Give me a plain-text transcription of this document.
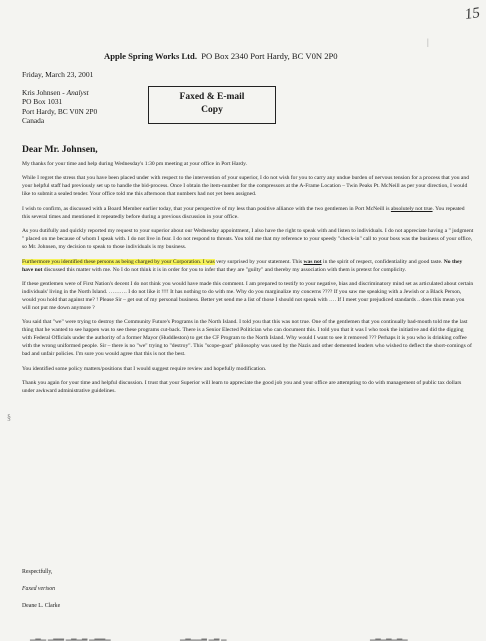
15
|
§
Apple Spring Works Ltd. PO Box 2340 Port Hardy, BC V0N 2P0
Friday, March 23, 2001
Kris Johnsen - Analyst
PO Box 1031
Port Hardy, BC V0N 2P0
Canada
Faxed & E-mail
Copy
Dear Mr. Johnsen,

My thanks for your time and help during Wednesday's 1:30 pm meeting at your office in Port Hardy.

While I regret the stress that you have been placed under with respect to the intervention of your superior, I do not wish for you to carry any undue burden of nervous tension for a process that you and your helpful staff had previously set up to handle the bid-process. Once I obtain the item-number for the compressors at the A-Frame Location – Twin Peaks Pt. McNeill as per your direction, I would like to submit a sealed tender. Your office told me this afternoon that numbers had not yet been assigned.

I wish to confirm, as discussed with a Board Member earlier today, that your perspective of my less than positive alliance with the two gentlemen in Port McNeill is absolutely not true. You repeated this several times and mentioned it repeatedly before during a previous discussion in your office.

As you dutifully and quickly reported my request to your superior about our Wednesday appointment, I also have the right to speak with and listen to individuals. I do not appreciate having a " judgment " placed on me because of whom I speak with. I do not live in fear. I do not respond to threats. You told me that my reference to your speedy "check-in" call to your boss was the business of your office, so Mr. Johnsen, my decision to speak to those individuals is my business.

Furthermore you identified these persons as being charged by your Corporation. I was very surprised by your statement. This was not in the spirit of respect, confidentiality and good taste. No they have not discussed this matter with me. No I do not think it is in order for you to infer that they are "guilty" and thereby my association with them is pretext for complicity.

If these gentlemen were of First Nation's decent I do not think you would have made this comment. I am prepared to testify to your negative, bias and discriminatory mind set as articulated about certain individuals' living in the North Island. ………. I do not like it !!!! It has nothing to do with me. Why do you marginalize my concerns ???? If you saw me speaking with a Jewish or a Black Person, would you hold that against me? ! Please Sir – get out of my personal business. Better yet send me a list of those I should not speak with …. If I meet your prejudiced standards .. does this mean you will not put me down anymore ?

You said that "we" were trying to destroy the Community Future's Programs in the North Island. I told you that this was not true. One of the gentlemen that you continually bad-mouth told me the last thing that he wanted to see happen was to see these programs cut-back. There is a Senior Elected Politician who can document this. I told you that it was I who took the initiative and did the digging with Federal Officials under the authority of a former Mayor (Huddleston) to get the CF Program to the North Island. Why would I want to see it removed ??? Perhaps it is you who is drinking coffee with the wrong uniformed people. Sir – there is no "we" trying to "destroy". This "scope-goat" philosophy was used by the Nazis and other demented leaders who wished to deflect the short-comings of bad and unfair policies. I'm sure you would agree that this is not the best.

You identified some policy matters/positions that I would suggest require review and hopefully modification.

Thank you again for your time and helpful discussion. I trust that your Superior will learn to appreciate the good job you and your office are attempting to do with management of public tax dollars under awkward administrative guidelines.

Respectfully,
Faxed verison
Deane L. Clarke
▁▂▁ ▁▂▂ ▁▂▁▂ ▁▂▂▁	▁▂▁▁▂ ▁▂ ▁	▁▂▁▂▁▂▁
